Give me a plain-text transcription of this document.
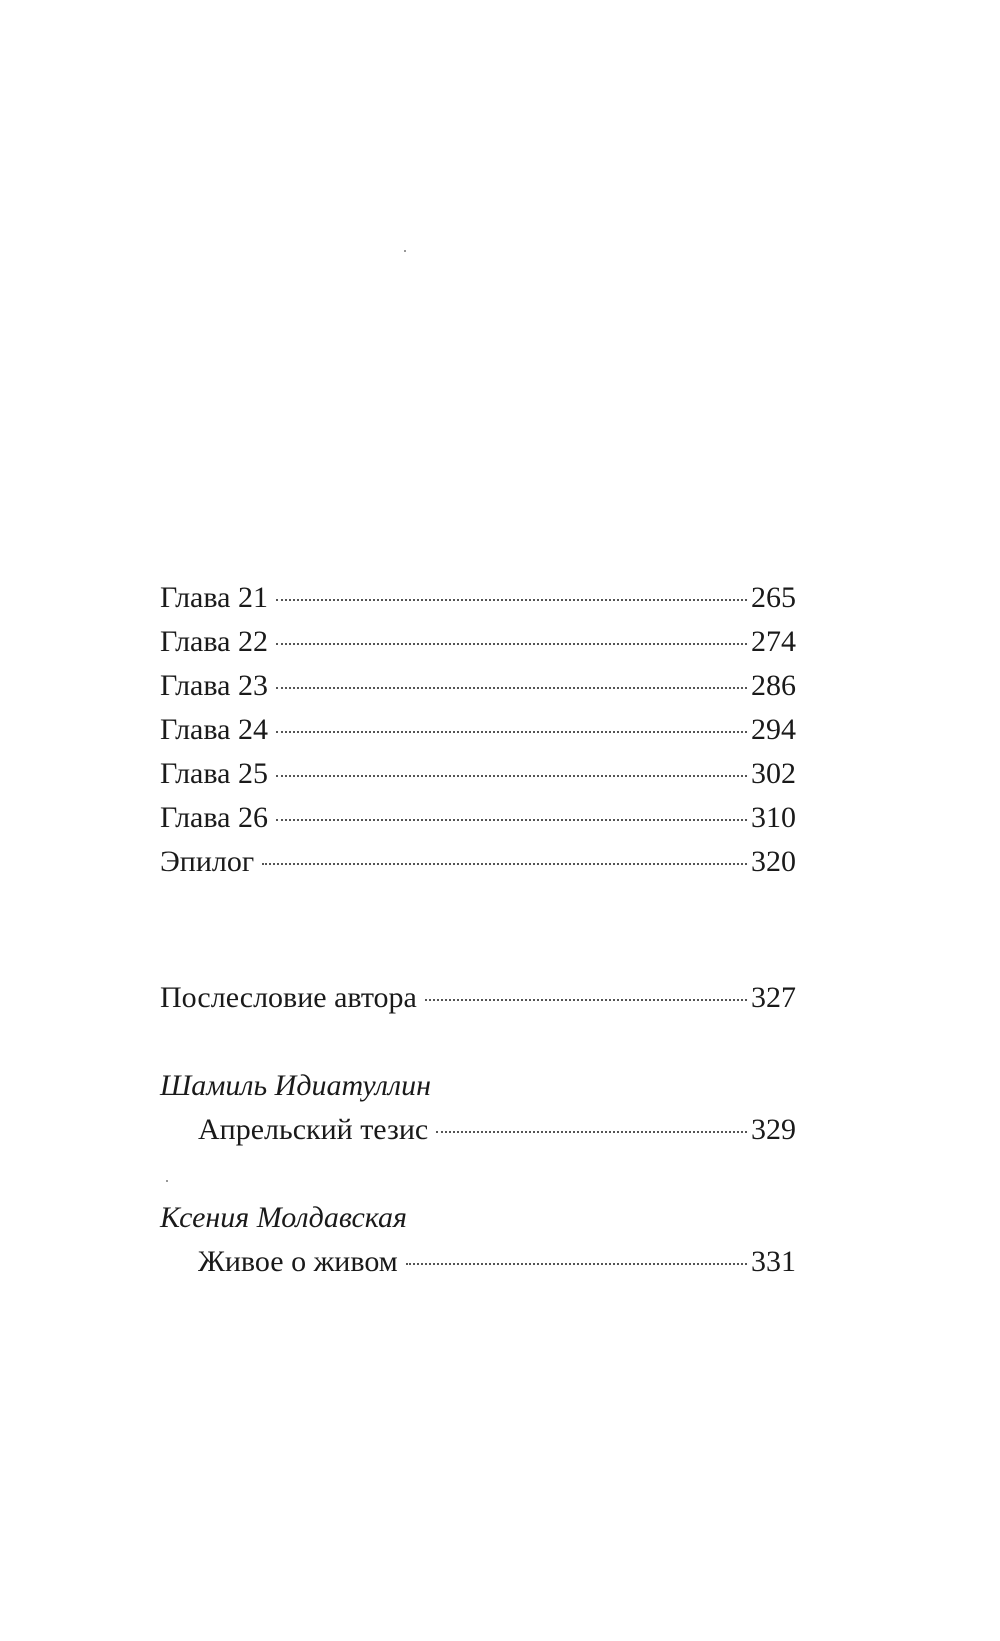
Глава 21	265
Глава 22	274
Глава 23	286
Глава 24	294
Глава 25	302
Глава 26	310
Эпилог	320
Послесловие автора	327
Шамиль Идиатуллин
Апрельский тезис	329
Ксения Молдавская
Живое о живом	331
